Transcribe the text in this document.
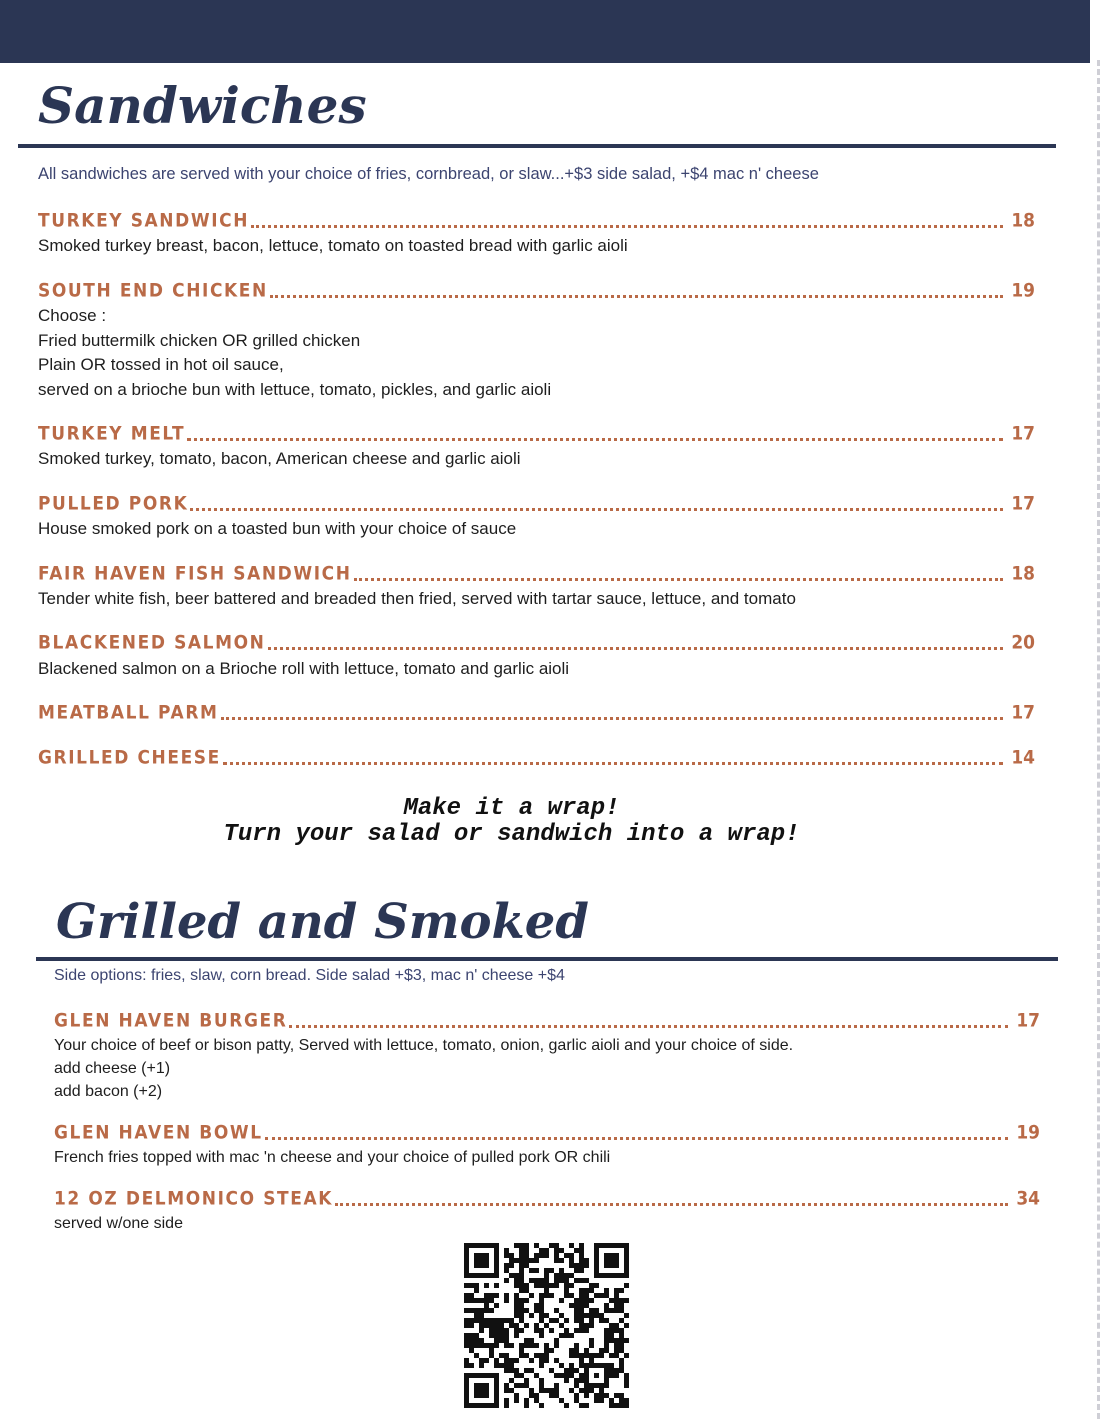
Sandwiches
All sandwiches are served with your choice of fries, cornbread, or slaw...+$3 side salad, +$4 mac n' cheese
TURKEY SANDWICH	18
Smoked turkey breast, bacon, lettuce, tomato on toasted bread with garlic aioli
SOUTH END CHICKEN	19
Choose :
Fried buttermilk chicken OR grilled chicken
Plain OR tossed in hot oil sauce,
served on a brioche bun with lettuce, tomato, pickles, and garlic aioli
TURKEY MELT	17
Smoked turkey, tomato, bacon, American cheese and garlic aioli
PULLED PORK	17
House smoked pork on a toasted bun with your choice of sauce
FAIR HAVEN FISH SANDWICH	18
Tender white fish, beer battered and breaded then fried, served with tartar sauce, lettuce, and tomato
BLACKENED SALMON	20
Blackened salmon on a Brioche roll with lettuce, tomato and garlic aioli
MEATBALL PARM	17
GRILLED CHEESE	14
Make it a wrap!
Turn your salad or sandwich into a wrap!
Grilled and Smoked
Side options: fries, slaw, corn bread. Side salad +$3, mac n' cheese +$4
GLEN HAVEN BURGER	17
Your choice of beef or bison patty, Served with lettuce, tomato, onion, garlic aioli and your choice of side.
add cheese (+1)
add bacon (+2)
GLEN HAVEN BOWL	19
French fries topped with mac 'n cheese and your choice of pulled pork OR chili
12 OZ DELMONICO STEAK	34
served w/one side
